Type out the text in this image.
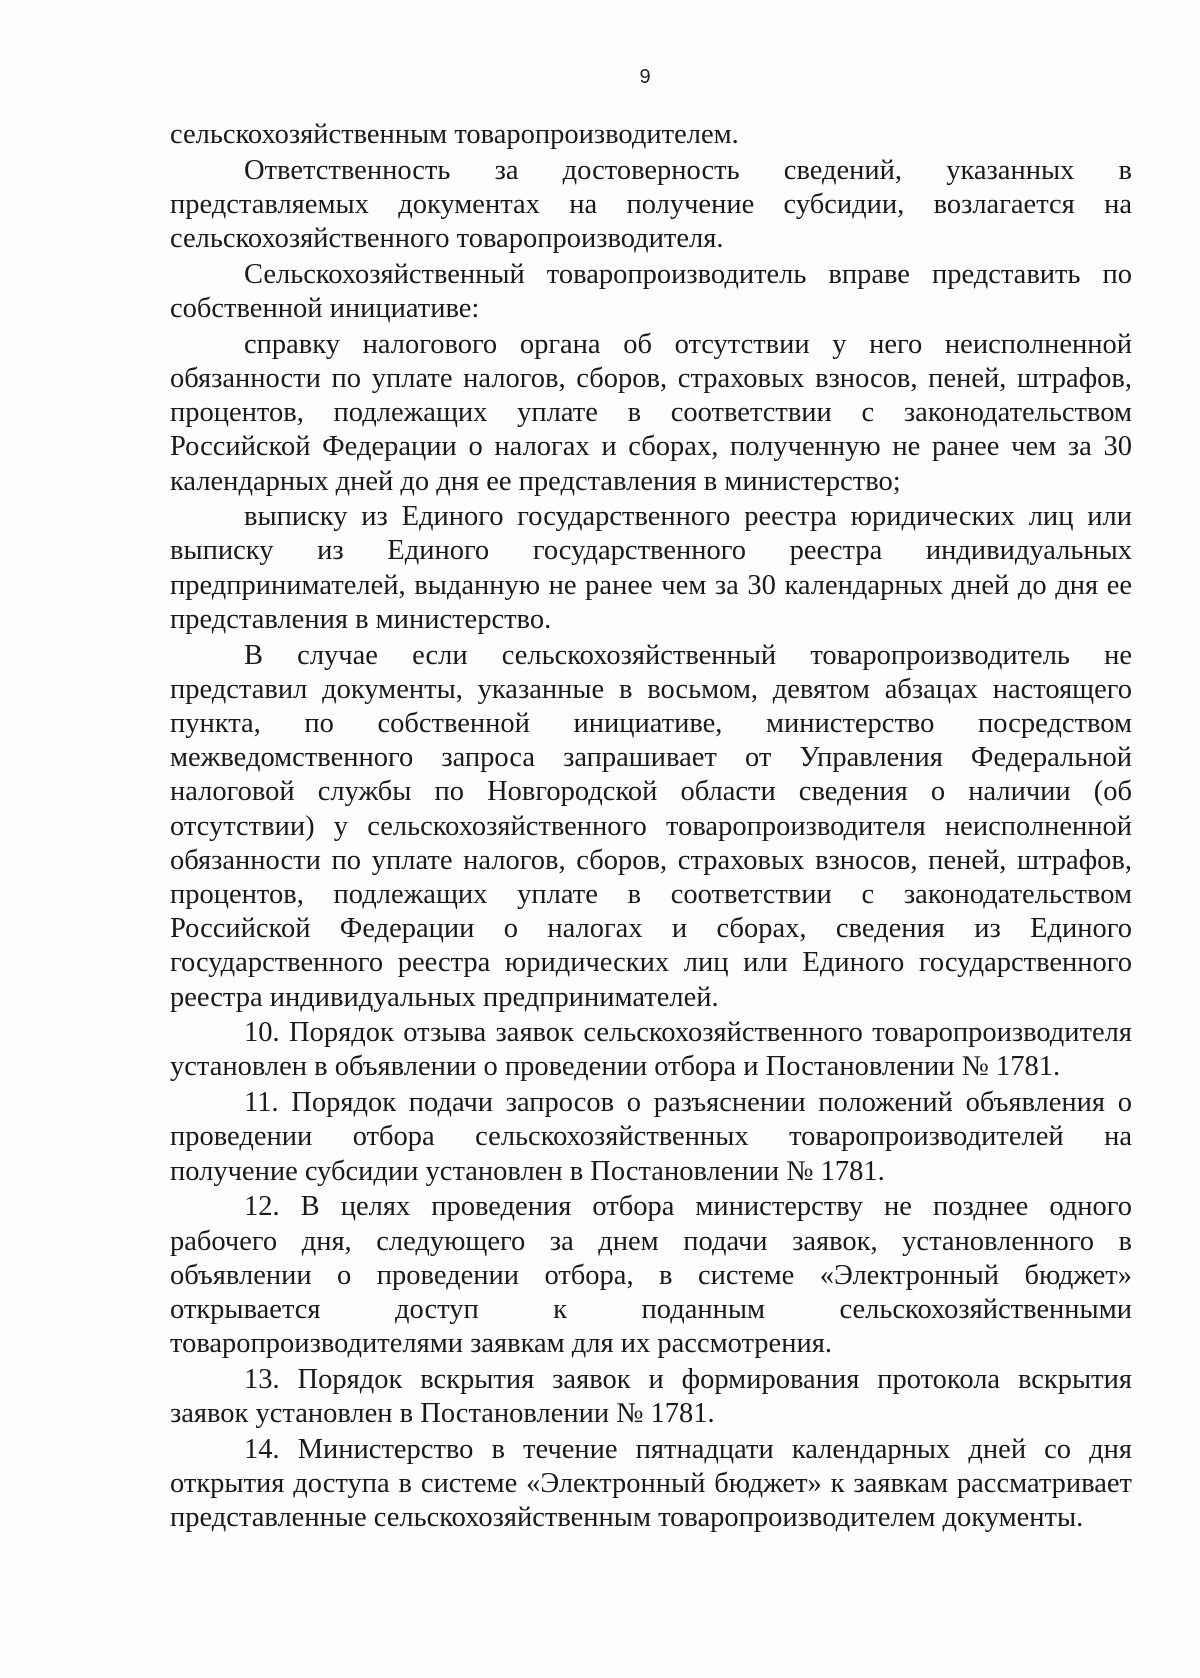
9

сельскохозяйственным товаропроизводителем.

Ответственность за достоверность сведений, указанных в представляемых документах на получение субсидии, возлагается на сельскохозяйственного товаропроизводителя.

Сельскохозяйственный товаропроизводитель вправе представить по собственной инициативе:

справку налогового органа об отсутствии у него неисполненной обязанности по уплате налогов, сборов, страховых взносов, пеней, штрафов, процентов, подлежащих уплате в соответствии с законодательством Российской Федерации о налогах и сборах, полученную не ранее чем за 30 календарных дней до дня ее представления в министерство;

выписку из Единого государственного реестра юридических лиц или выписку из Единого государственного реестра индивидуальных предпринимателей, выданную не ранее чем за 30 календарных дней до дня ее представления в министерство.

В случае если сельскохозяйственный товаропроизводитель не представил документы, указанные в восьмом, девятом абзацах настоящего пункта, по собственной инициативе, министерство посредством межведомственного запроса запрашивает от Управления Федеральной налоговой службы по Новгородской области сведения о наличии (об отсутствии) у сельскохозяйственного товаропроизводителя неисполненной обязанности по уплате налогов, сборов, страховых взносов, пеней, штрафов, процентов, подлежащих уплате в соответствии с законодательством Российской Федерации о налогах и сборах, сведения из Единого государственного реестра юридических лиц или Единого государственного реестра индивидуальных предпринимателей.

10. Порядок отзыва заявок сельскохозяйственного товаропроизводителя установлен в объявлении о проведении отбора и Постановлении № 1781.

11. Порядок подачи запросов о разъяснении положений объявления о проведении отбора сельскохозяйственных товаропроизводителей на получение субсидии установлен в Постановлении № 1781.

12. В целях проведения отбора министерству не позднее одного рабочего дня, следующего за днем подачи заявок, установленного в объявлении о проведении отбора, в системе «Электронный бюджет» открывается доступ к поданным сельскохозяйственными товаропроизводителями заявкам для их рассмотрения.

13. Порядок вскрытия заявок и формирования протокола вскрытия заявок установлен в Постановлении № 1781.

14. Министерство в течение пятнадцати календарных дней со дня открытия доступа в системе «Электронный бюджет» к заявкам рассматривает представленные сельскохозяйственным товаропроизводителем документы.
